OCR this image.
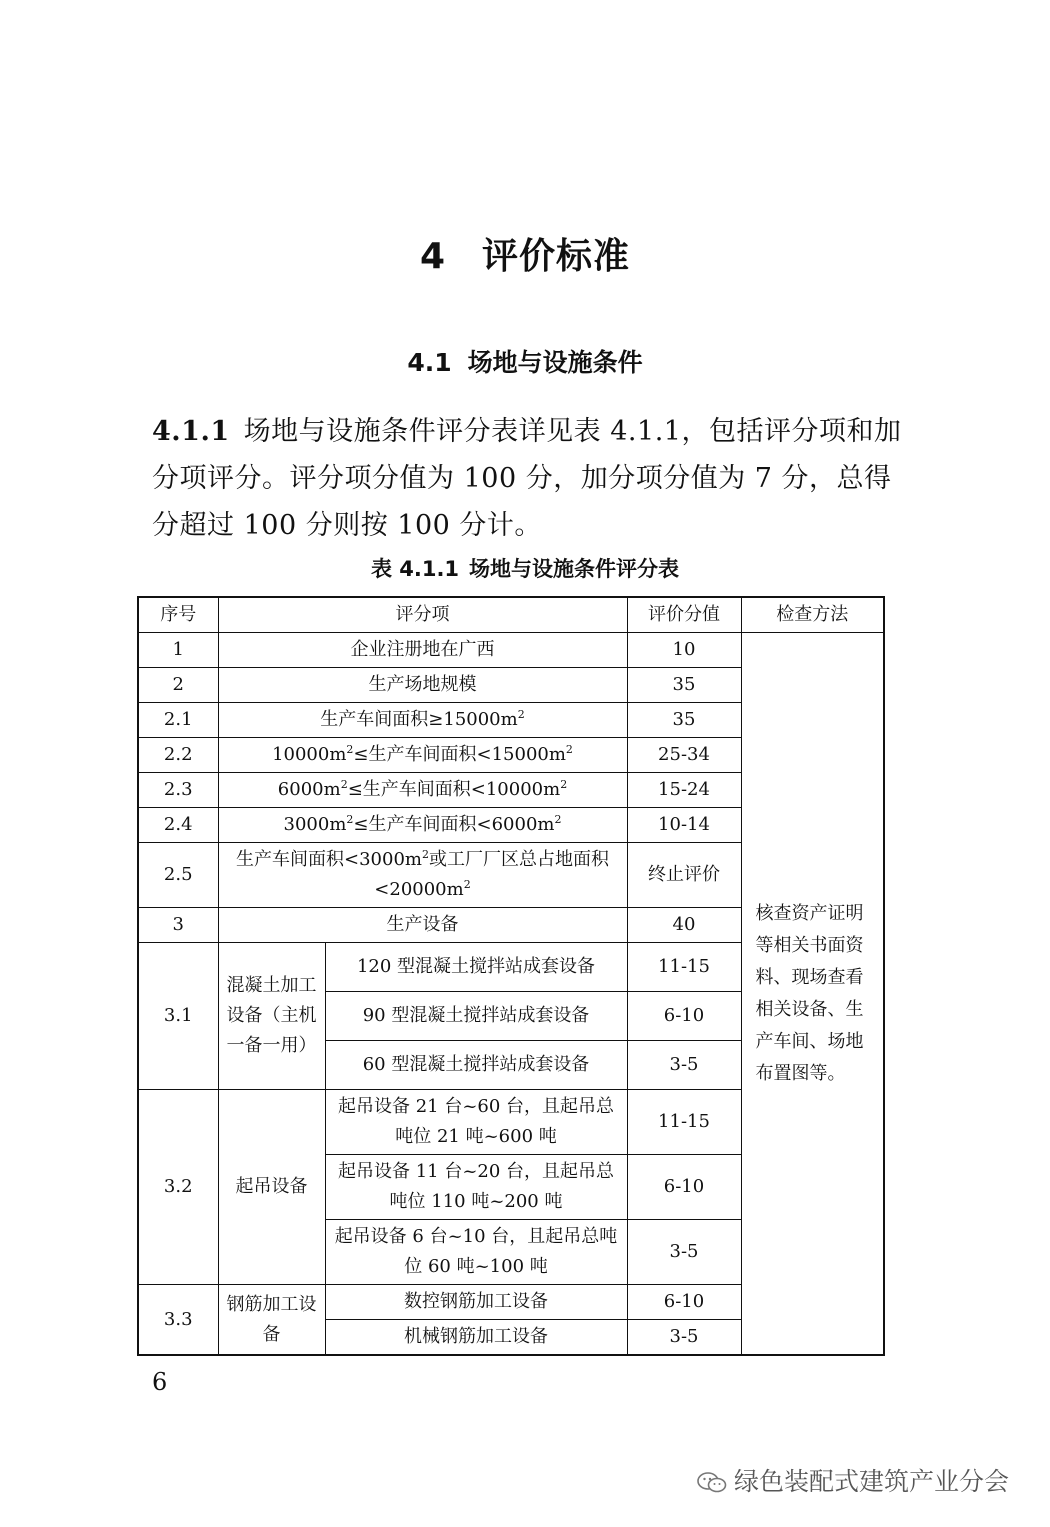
4 评价标准
4.1 场地与设施条件
4.1.1 场地与设施条件评分表详见表 4.1.1，包括评分项和加分项评分。评分项分值为 100 分，加分项分值为 7 分，总得分超过 100 分则按 100 分计。
表 4.1.1 场地与设施条件评分表
序号	评分项		评价分值	检查方法
1	企业注册地在广西		10	核查资产证明等相关书面资料、现场查看相关设备、生产车间、场地布置图等。
2	生产场地规模		35	
2.1	生产车间面积$\ge 15000m^2$		35	
2.2	$10000m^2\le$生产车间面积$<15000m^2$		25-34	
2.3	$6000m^2\le$生产车间面积$<10000m^2$		15-24	
2.4	$3000m^2\le$生产车间面积$<6000m^2$		10-14	
2.5	生产车间面积$<3000m^2$或工厂厂区总占地面积$<20000m^2$		终止评价	
3	生产设备		40	
3.1	混凝土加工设备（主机一备一用）	120 型混凝土搅拌站成套设备	11-15	
		90 型混凝土搅拌站成套设备	6-10	
		60 型混凝土搅拌站成套设备	3-5	
3.2	起吊设备	起吊设备 21 台~60 台，且起吊总吨位 21 吨~600 吨	11-15	
		起吊设备 11 台~20 台，且起吊总吨位 110 吨~200 吨	6-10	
		起吊设备 6 台~10 台，且起吊总吨位 60 吨~100 吨	3-5	
3.3	钢筋加工设备	数控钢筋加工设备	6-10	
		机械钢筋加工设备	3-5	
6
绿色装配式建筑产业分会
